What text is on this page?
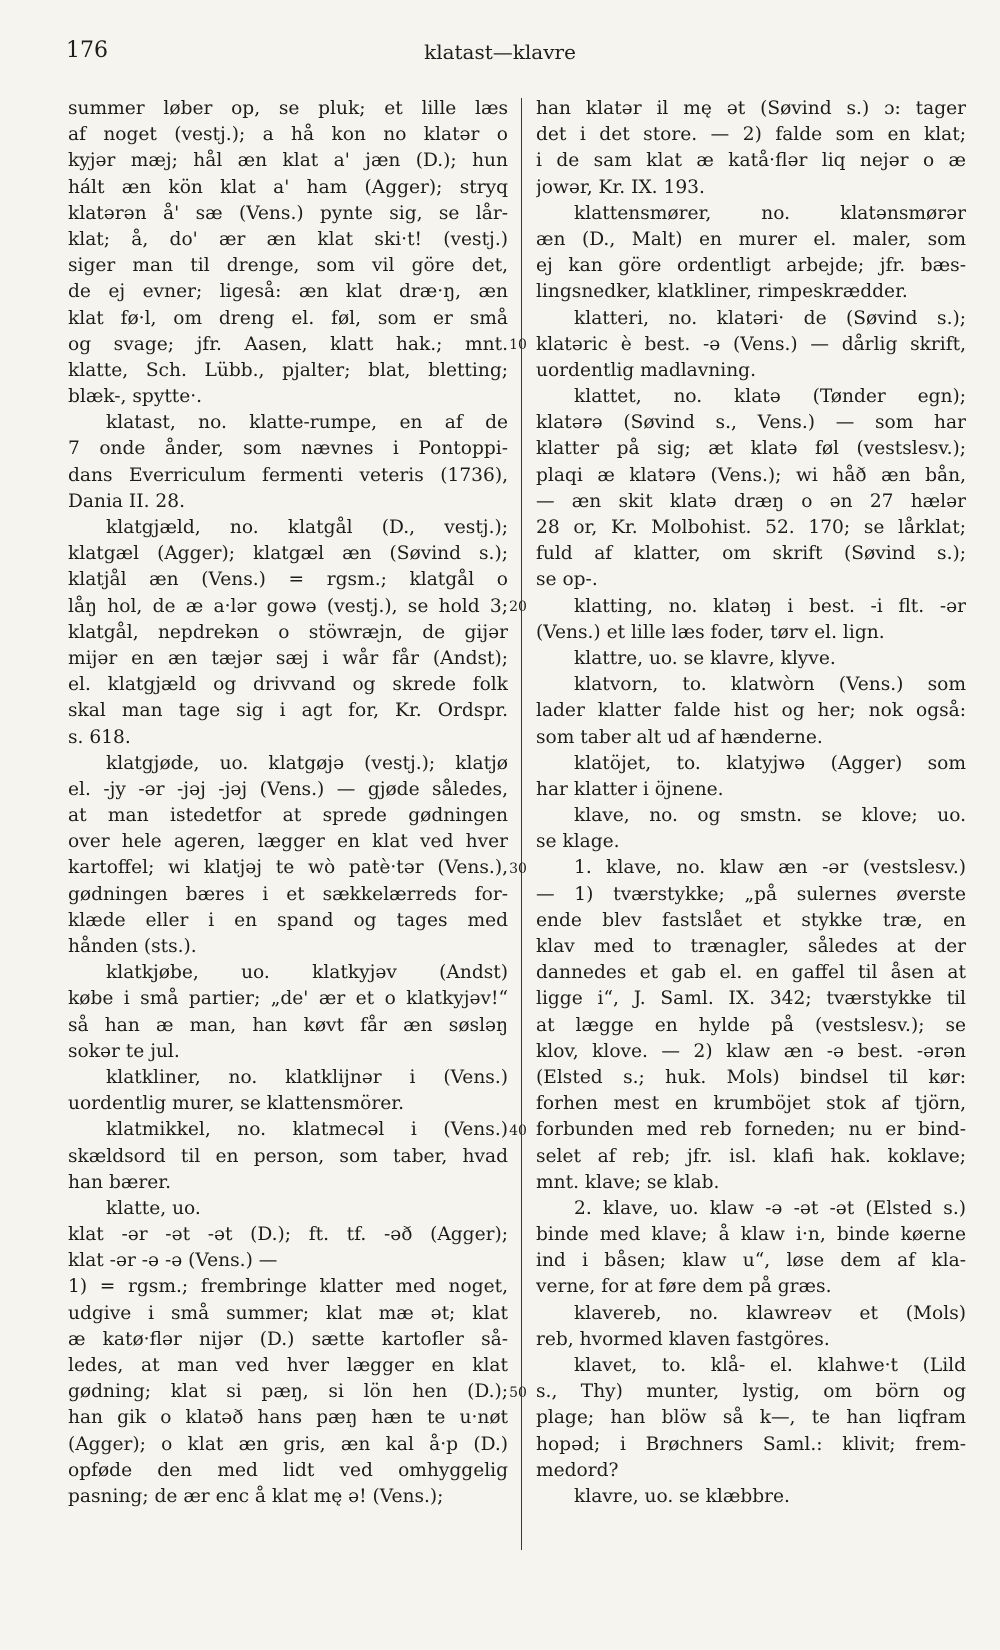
176	klatast—klavre
summer løber op, se pluk; et lille læs
af noget (vestj.); a hå kon no klatər o
kyjər mæj; hål æn klat a' jæn (D.); hun
hált æn kön klat a' ham (Agger); stryq
klatərən å' sæ (Vens.) pynte sig, se lår-
klat; å, do' ær æn klat ski·t! (vestj.)
siger man til drenge, som vil göre det,
de ej evner; ligeså: æn klat dræ·ŋ, æn
klat fø·l, om dreng el. føl, som er små
og svage; jfr. Aasen, klatt hak.; mnt.
klatte, Sch. Lübb., pjalter; blat, bletting;
blæk-, spytte·.
klatast, no. klatte-rumpe, en af de
7 onde ånder, som nævnes i Pontoppi-
dans Everriculum fermenti veteris (1736),
Dania II. 28.
klatgjæld, no. klatgål (D., vestj.);
klatgæl (Agger); klatgæl æn (Søvind s.);
klatjål æn (Vens.) = rgsm.; klatgål o
låŋ hol, de æ a·lər gowə (vestj.), se hold 3;
klatgål, nepdrekən o stöwræjn, de gijər
mijər en æn tæjər sæj i wår får (Andst);
el. klatgjæld og drivvand og skrede folk
skal man tage sig i agt for, Kr. Ordspr.
s. 618.
klatgjøde, uo. klatgøjə (vestj.); klatjø
el. -jy -ər -jəj -jəj (Vens.) — gjøde således,
at man istedetfor at sprede gødningen
over hele ageren, lægger en klat ved hver
kartoffel; wi klatjəj te wò patè·tər (Vens.),
gødningen bæres i et sækkelærreds for-
klæde eller i en spand og tages med
hånden (sts.).
klatkjøbe, uo. klatkyjəv (Andst)
købe i små partier; „de' ær et o klatkyjəv!“
så han æ man, han køvt får æn søsləŋ
sokər te jul.
klatkliner, no. klatklijnər i (Vens.)
uordentlig murer, se klattensmörer.
klatmikkel, no. klatmecəl i (Vens.)
skældsord til en person, som taber, hvad
han bærer.
klatte, uo.
klat -ər -ət -ət (D.); ft. tf. -əð (Agger);
klat -ər -ə -ə (Vens.) —
1) = rgsm.; frembringe klatter med noget,
udgive i små summer; klat mæ ət; klat
æ katø·flər nijər (D.) sætte kartofler så-
ledes, at man ved hver lægger en klat
gødning; klat si pæŋ, si lön hen (D.);
han gik o klatəð hans pæŋ hæn te u·nøt
(Agger); o klat æn gris, æn kal å·p (D.)
opføde den med lidt ved omhyggelig
pasning; de ær enc å klat mę ə! (Vens.);
10
20
30
40
50
han klatər il mę ət (Søvind s.) ɔ: tager
det i det store. — 2) falde som en klat;
i de sam klat æ katå·flər liq nejər o æ
jowər, Kr. IX. 193.
klattensmører, no. klatənsmørər
æn (D., Malt) en murer el. maler, som
ej kan göre ordentligt arbejde; jfr. bæs-
lingsnedker, klatkliner, rimpeskrædder.
klatteri, no. klatəri· de (Søvind s.);
klatəric è best. -ə (Vens.) — dårlig skrift,
uordentlig madlavning.
klattet, no. klatə (Tønder egn);
klatərə (Søvind s., Vens.) — som har
klatter på sig; æt klatə føl (vestslesv.);
plaqi æ klatərə (Vens.); wi håð æn bån,
— æn skit klatə dræŋ o ən 27 hælər
28 or, Kr. Molbohist. 52. 170; se lårklat;
fuld af klatter, om skrift (Søvind s.);
se op-.
klatting, no. klatəŋ i best. -i flt. -ər
(Vens.) et lille læs foder, tørv el. lign.
klattre, uo. se klavre, klyve.
klatvorn, to. klatwòrn (Vens.) som
lader klatter falde hist og her; nok også:
som taber alt ud af hænderne.
klatöjet, to. klatyjwə (Agger) som
har klatter i öjnene.
klave, no. og smstn. se klove; uo.
se klage.
1. klave, no. klaw æn -ər (vestslesv.)
— 1) tværstykke; „på sulernes øverste
ende blev fastslået et stykke træ, en
klav med to trænagler, således at der
dannedes et gab el. en gaffel til åsen at
ligge i“, J. Saml. IX. 342; tværstykke til
at lægge en hylde på (vestslesv.); se
klov, klove. — 2) klaw æn -ə best. -ərən
(Elsted s.; huk. Mols) bindsel til kør:
forhen mest en krumböjet stok af tjörn,
forbunden med reb forneden; nu er bind-
selet af reb; jfr. isl. klafi hak. koklave;
mnt. klave; se klab.
2. klave, uo. klaw -ə -ət -ət (Elsted s.)
binde med klave; å klaw i·n, binde køerne
ind i båsen; klaw u“, løse dem af kla-
verne, for at føre dem på græs.
klavereb, no. klawreəv et (Mols)
reb, hvormed klaven fastgöres.
klavet, to. klå- el. klahwe·t (Lild
s., Thy) munter, lystig, om börn og
plage; han blöw så k—, te han liqfram
hopəd; i Brøchners Saml.: klivit; frem-
medord?
klavre, uo. se klæbbre.
